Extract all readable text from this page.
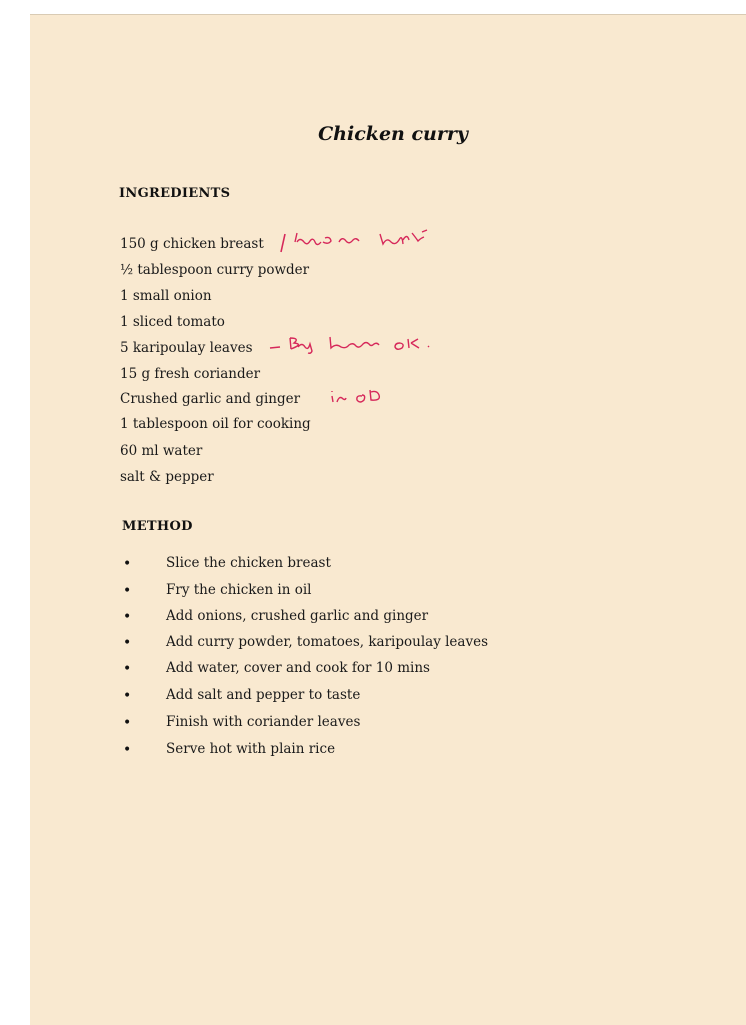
Chicken curry
INGREDIENTS
150 g chicken breast
½ tablespoon curry powder
1 small onion
1 sliced tomato
5 karipoulay leaves
15 g fresh coriander
Crushed garlic and ginger
1 tablespoon oil for cooking
60 ml water
salt & pepper
METHOD
•	Slice the chicken breast
•	Fry the chicken in oil
•	Add onions, crushed garlic and ginger
•	Add curry powder, tomatoes, karipoulay leaves
•	Add water, cover and cook for 10 mins
•	Add salt and pepper to taste
•	Finish with coriander leaves
•	Serve hot with plain rice
